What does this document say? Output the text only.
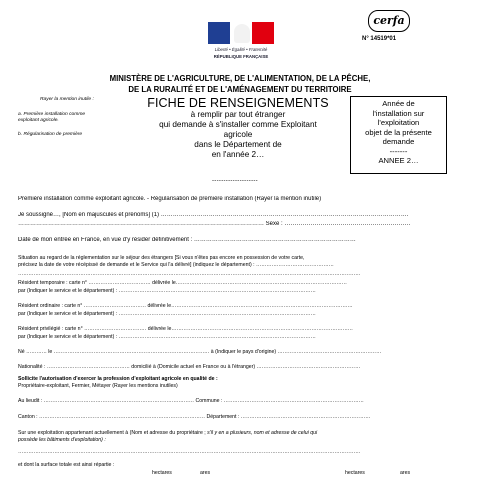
Liberté • Égalité • Fraternité
RÉPUBLIQUE FRANÇAISE
cerfa
N° 14519*01
MINISTÈRE DE L'AGRICULTURE, DE L'ALIMENTATION, DE LA PÊCHE,
DE LA RURALITÉ ET DE L'AMÉNAGEMENT DU TERRITOIRE
Rayer la mention inutile :
a. Première installation comme exploitant agricole.
b. Régularisation de première
FICHE DE RENSEIGNEMENTS
à remplir par tout étranger
qui demande à s'installer comme Exploitant
agricole
dans le Département de
en l'année 2…
Année de
l'installation sur
l'exploitation
objet de la présente
demande
-------
ANNEE 2…
--------------------
Première installation comme exploitant agricole. - Régularisation de première installation (Rayer la mention inutile)
Je soussigné…, [Nom en majuscules et prénoms] (1) …………………………………………………………………………………………………………….
…………………………………………………………………………………………………………… Sexe : ………………………………………………………
Date de mon entrée en France, en vue d'y résider définitivement : ………………………………………………………………………
Situation au regard de la réglementation sur le séjour des étrangers [Si vous n'êtes pas encore en possession de votre carte,
précisez la date de votre récépissé de demande et le Service qui l'a délivré] (indiquez le département) : ………………………………………
………………………………………………………………………………………………………………………………………………………………………………
Résident temporaire : carte n° ……………………………… délivrée le………………………………………………………………………………………
par (Indiquer le service et le département) : ……………………………………………………………………………………………………
Résident ordinaire : carte n° ……………………………… délivrée le……………………………………………………………………………………………
par (Indiquer le service et le département) : ……………………………………………………………………………………………………
Résident privilégié : carte n° ……………………………… délivrée le……………………………………………………………………………………………
par (Indiquer le service et le département) : ……………………………………………………………………………………………………
Né ………… le ……………………………………………………………………………… à (Indiquer le pays d'origine) ……………………………………………………
Nationalité : ………………………………………… domicilié à (Domicile actuel en France ou à l'étranger) ……………………………………………………
Sollicite l'autorisation d'exercer la profession d'exploitant agricole en qualité de :
Propriétaire-exploitant, Fermier, Métayer (Rayer les mentions inutiles)
Au lieudit : …………………………………………………………………………… Commune : ………………………………………………………………………
Canton : …………………………………………………………………………………… Département : …………………………………………………………………
Sur une exploitation appartenant actuellement à (Nom et adresse du propriétaire ; s'il y en a plusieurs, nom et adresse de celui qui
possède les bâtiments d'exploitation) :
………………………………………………………………………………………………………………………………………………………………………………
et dont la surface totale est ainsi répartie :
hectares	ares	hectares	ares
